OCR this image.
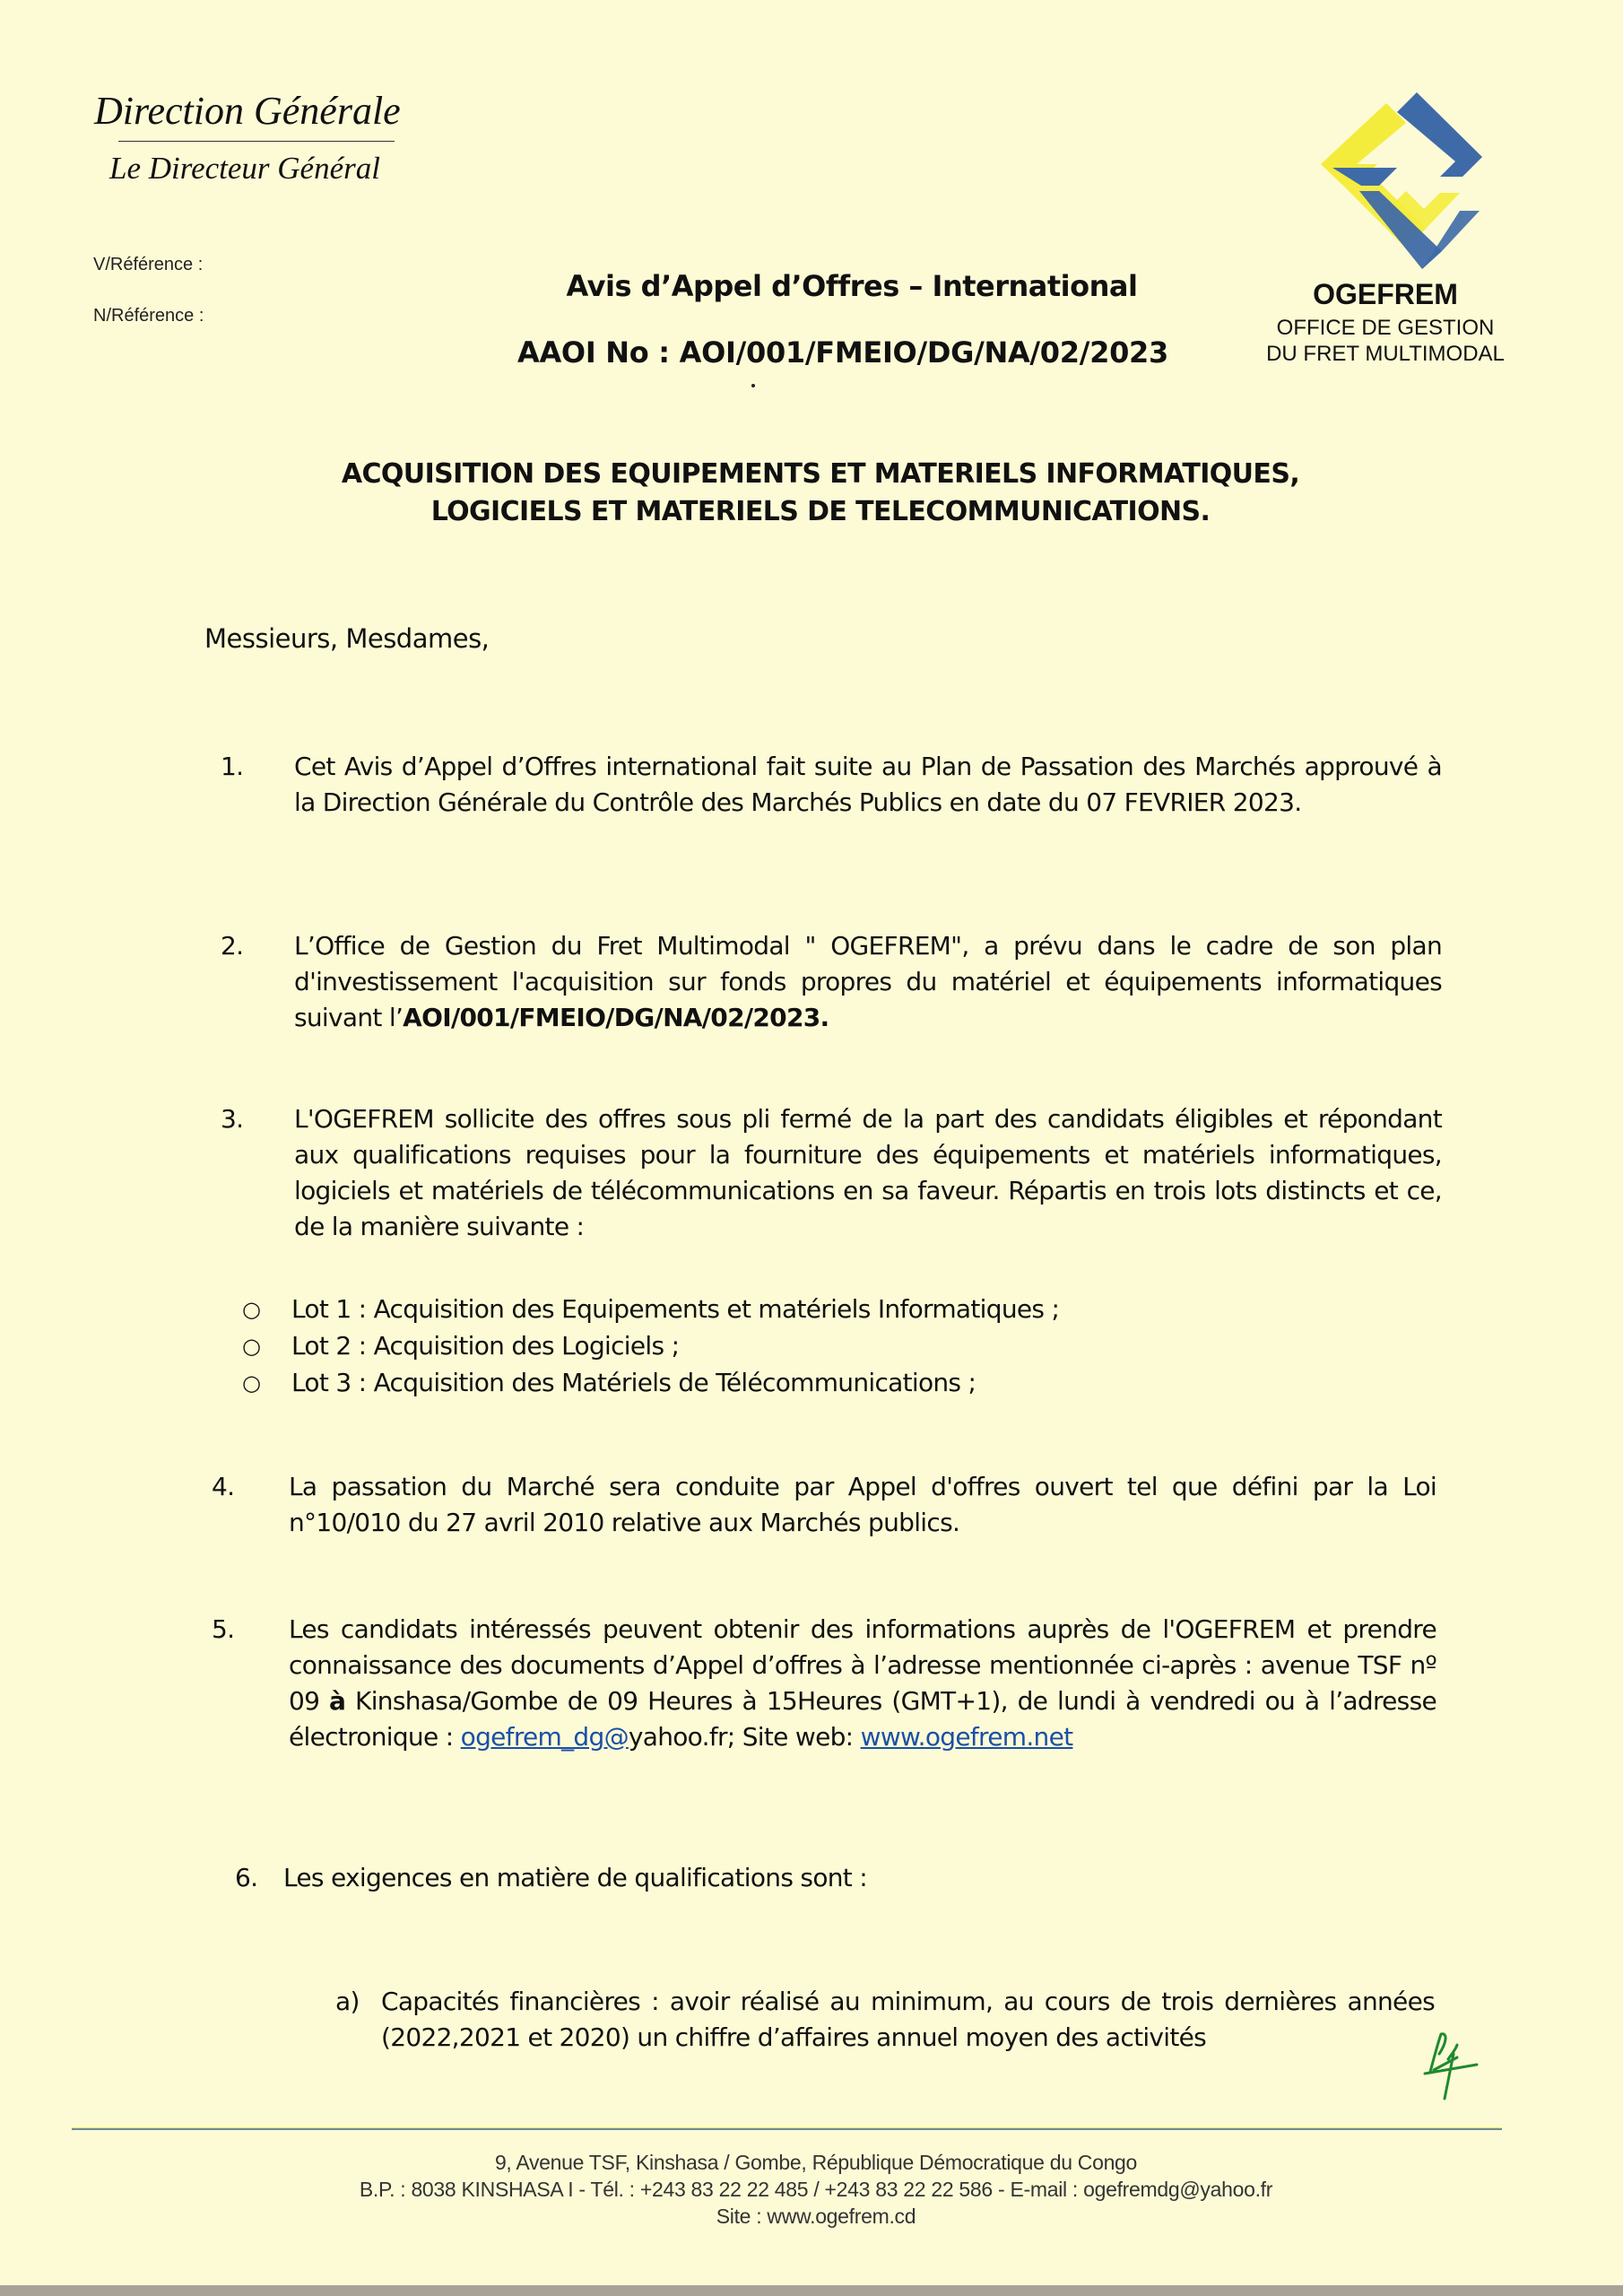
Direction Générale
Le Directeur Général
V/Référence :
N/Référence :
OGEFREM
OFFICE DE GESTION
DU FRET MULTIMODAL
Avis d’Appel d’Offres – International
AAOI No : AOI/001/FMEIO/DG/NA/02/2023
ACQUISITION DES EQUIPEMENTS ET MATERIELS INFORMATIQUES,
LOGICIELS ET MATERIELS DE TELECOMMUNICATIONS.
Messieurs, Mesdames,
1. Cet Avis d’Appel d’Offres international fait suite au Plan de Passation des Marchés approuvé à la Direction Générale du Contrôle des Marchés Publics en date du 07 FEVRIER 2023.
2. L’Office de Gestion du Fret Multimodal " OGEFREM", a prévu dans le cadre de son plan d'investissement l'acquisition sur fonds propres du matériel et équipements informatiques suivant l’AOI/001/FMEIO/DG/NA/02/2023.
3. L'OGEFREM sollicite des offres sous pli fermé de la part des candidats éligibles et répondant aux qualifications requises pour la fourniture des équipements et matériels informatiques, logiciels et matériels de télécommunications en sa faveur. Répartis en trois lots distincts et ce, de la manière suivante :
○ Lot 1 : Acquisition des Equipements et matériels Informatiques ;
○ Lot 2 : Acquisition des Logiciels ;
○ Lot 3 : Acquisition des Matériels de Télécommunications ;
4. La passation du Marché sera conduite par Appel d'offres ouvert tel que défini par la Loi n°10/010 du 27 avril 2010 relative aux Marchés publics.
5. Les candidats intéressés peuvent obtenir des informations auprès de l'OGEFREM et prendre connaissance des documents d’Appel d’offres à l’adresse mentionnée ci-après : avenue TSF nº 09 à Kinshasa/Gombe de 09 Heures à 15Heures (GMT+1), de lundi à vendredi ou à l’adresse électronique : ogefrem_dg@yahoo.fr; Site web: www.ogefrem.net
6. Les exigences en matière de qualifications sont :
a) Capacités financières : avoir réalisé au minimum, au cours de trois dernières années (2022,2021 et 2020) un chiffre d’affaires annuel moyen des activités
9, Avenue TSF, Kinshasa / Gombe, République Démocratique du Congo
B.P. : 8038 KINSHASA I - Tél. : +243 83 22 22 485 / +243 83 22 22 586 - E-mail : ogefremdg@yahoo.fr
Site : www.ogefrem.cd
